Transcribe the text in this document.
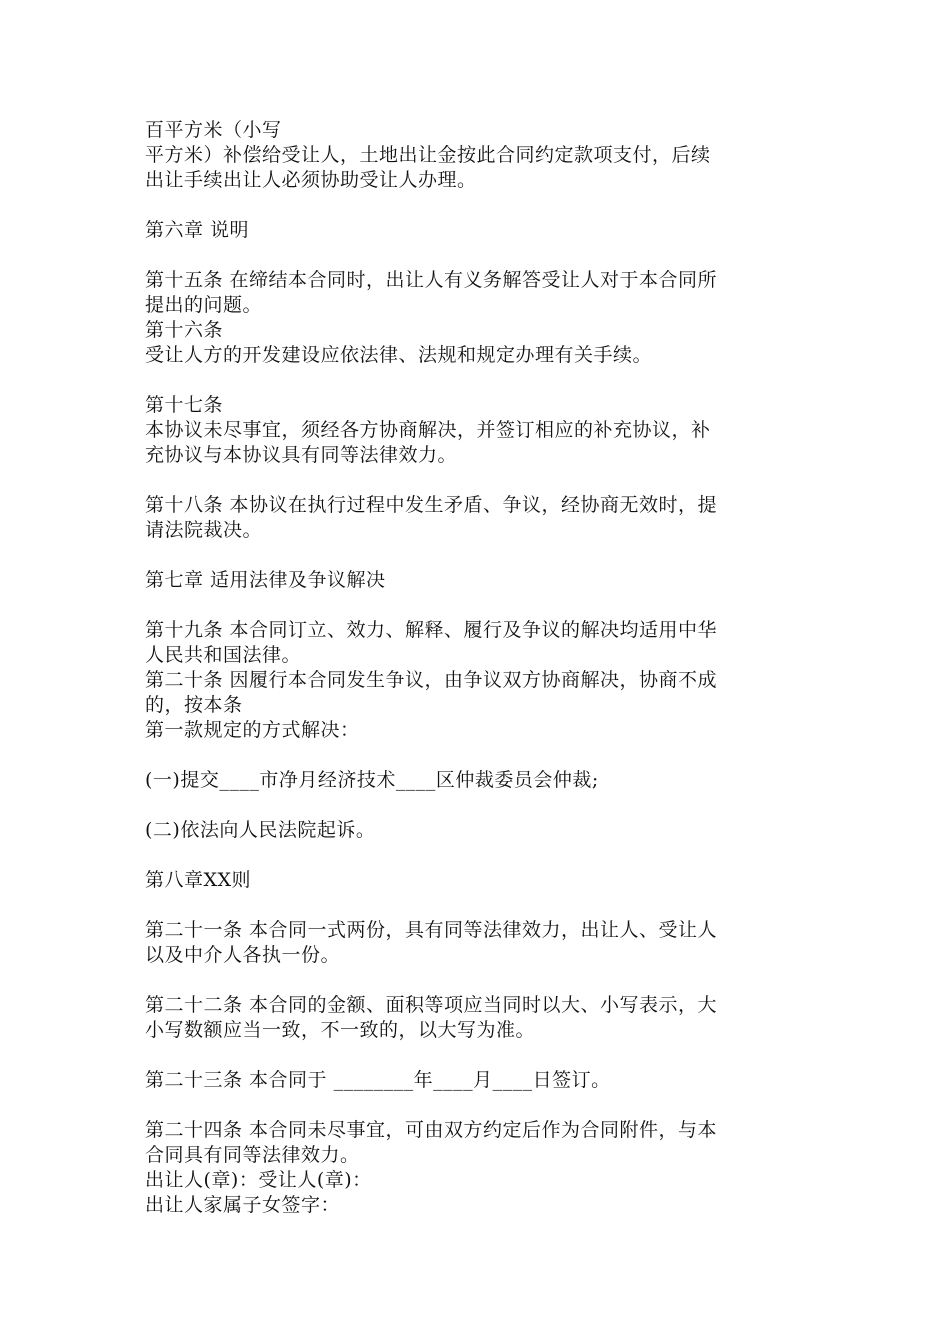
百平方米（小写
平方米）补偿给受让人，土地出让金按此合同约定款项支付，后续
出让手续出让人必须协助受让人办理。
第六章 说明
第十五条 在缔结本合同时，出让人有义务解答受让人对于本合同所
提出的问题。
第十六条
受让人方的开发建设应依法律、法规和规定办理有关手续。
第十七条
本协议未尽事宜，须经各方协商解决，并签订相应的补充协议，补
充协议与本协议具有同等法律效力。
第十八条 本协议在执行过程中发生矛盾、争议，经协商无效时，提
请法院裁决。
第七章 适用法律及争议解决
第十九条 本合同订立、效力、解释、履行及争议的解决均适用中华
人民共和国法律。
第二十条 因履行本合同发生争议，由争议双方协商解决，协商不成
的，按本条
第一款规定的方式解决：
(一)提交____市净月经济技术____区仲裁委员会仲裁;
(二)依法向人民法院起诉。
第八章XX则
第二十一条 本合同一式两份，具有同等法律效力，出让人、受让人
以及中介人各执一份。
第二十二条 本合同的金额、面积等项应当同时以大、小写表示，大
小写数额应当一致，不一致的，以大写为准。
第二十三条 本合同于 ________年____月____日签订。
第二十四条 本合同未尽事宜，可由双方约定后作为合同附件，与本
合同具有同等法律效力。
出让人(章)：受让人(章)：
出让人家属子女签字：
